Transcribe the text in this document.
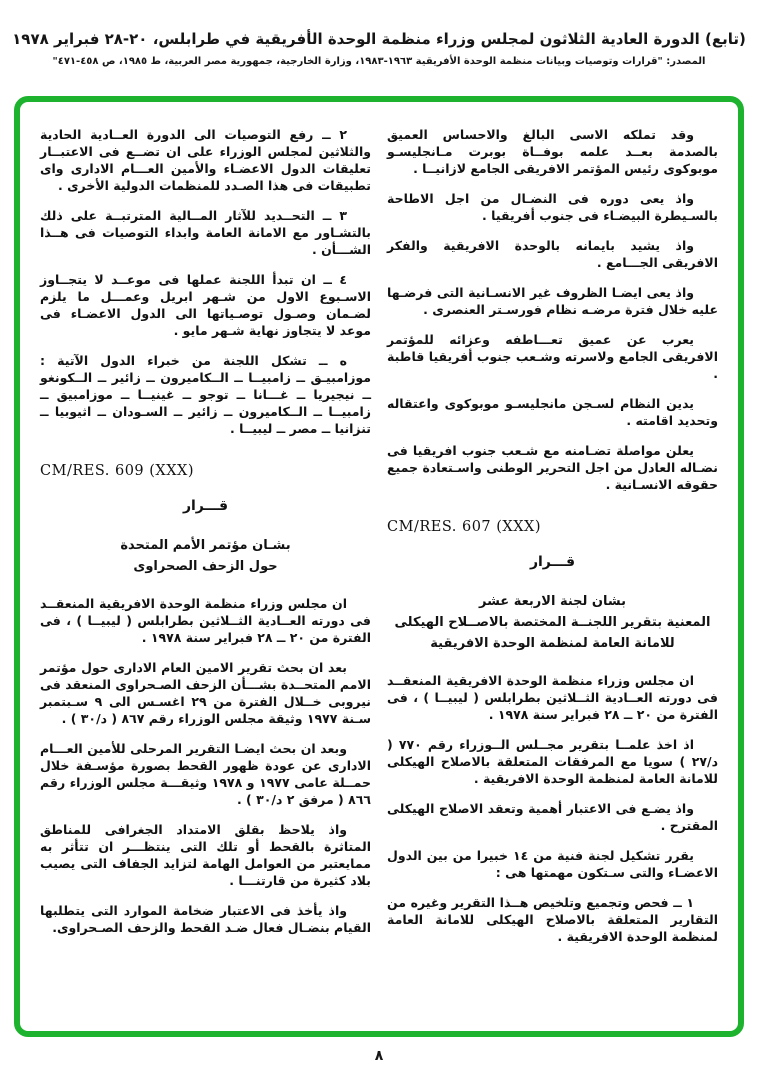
(تابع) الدورة العادية الثلاثون لمجلس وزراء منظمة الوحدة الأفريقية في طرابلس، ٢٠-٢٨ فبراير ١٩٧٨
المصدر: "قرارات وتوصيات وبيانات منظمة الوحدة الأفريقية ١٩٦٣-١٩٨٣، وزارة الخارجية، جمهورية مصر العربية، ط ١٩٨٥، ص ٤٥٨-٤٧١"

وقد تملكه الاسى البالغ والاحساس العميق بالصدمة بعــد علمه بوفــاة بوبرت مـانجليسـو موبوكوى رئيس المؤتمر الافريقى الجامع لازانيــا .

واذ يعى دوره فى النضـال من اجل الاطاحة بالسـيطرة البيضـاء فى جنوب أفريقيا .

واذ يشيد بايمانه بالوحدة الافريقية والفكر الافريقى الجـــامع .

واذ يعى ايضـا الظروف غير الانسـانية التى فرضـها عليه خلال فترة مرضـه نظام فورسـتر العنصرى .

يعرب عن عميق تعـــاطفه وعزائه للمؤتمر الافريقى الجامع ولاسرته وشـعب جنوب أفريقيا قاطبة .

يدين النظام لسـجن مانجليسـو موبوكوى واعتقاله وتحديد اقامته .

يعلن مواصلة تضـامنه مع شـعب جنوب افريقيا فى نضـاله العادل من اجل التحرير الوطنى واسـتعادة جميع حقوقه الانسـانية .

CM/RES. 607 (XXX)
قـــرار
بشان لجنة الاربعة عشر
المعنية بتقرير اللجنــة المختصة بالاصــلاح الهيكلى
للامانة العامة لمنظمة الوحدة الافريقية

ان مجلس وزراء منظمة الوحدة الافريقية المنعقــد فى دورته العــادية الثــلاثين بطرابلس ( ليبيــا ) ، فى الفترة من ٢٠ ــ ٢٨ فبراير سنة ١٩٧٨ .

اذ اخذ علمــا بتقرير مجــلس الــوزراء رقم ٧٧٠ ( د/٢٧ ) سويا مع المرفقات المتعلقة بالاصلاح الهيكلى للامانة العامة لمنظمة الوحدة الافريقية .

واذ يضـع فى الاعتبار أهمية وتعقد الاصلاح الهيكلى المقترح .

يقرر تشكيل لجنة فنية من ١٤ خبيرا من بين الدول الاعضـاء والتى سـتكون مهمتها هى :

١ ــ فحص وتجميع وتلخيص هــذا التقرير وغيره من التقارير المتعلقة بالاصلاح الهيكلى للامانة العامة لمنظمة الوحدة الافريقية .

٢ ــ رفع التوصيات الى الدورة العــادية الحادية والثلاثين لمجلس الوزراء على ان تضــع فى الاعتبــار تعليقات الدول الاعضـاء والأمين العـــام الادارى واى تطبيقات فى هذا الصـدد للمنظمات الدولية الأخرى .

٣ ــ التحــديد للآثار المــالية المترتبــة على ذلك بالتشـاور مع الامانة العامة وابداء التوصيات فى هــذا الشـــأن .

٤ ــ ان تبدأ اللجنة عملها فى موعــد لا يتجــاوز الاسـبوع الاول من شـهر ابريل وعمـــل ما يلزم لضـمان وصـول توصـياتها الى الدول الاعضـاء فى موعد لا يتجاوز نهاية شـهر مايو .

ه ــ تشكل اللجنة من خبراء الدول الآتية : موزامبيـق ــ زامبيــا ــ الــكاميرون ــ زائير ــ الــكونغو ــ نيجيريا ــ غـــانا ــ توجو ــ غينيــا ــ موزامبيق ــ زامبيــا ــ الــكاميرون ــ زائير ــ السـودان ــ اثيوبيا ــ تنزانيا ــ مصر ــ ليبيــا .

CM/RES. 609 (XXX)
قـــرار
بشـان مؤتمر الأمم المتحدة
حول الزحف الصحراوى

ان مجلس وزراء منظمة الوحدة الافريقية المنعقــد فى دورته العــادية الثــلاثين بطرابلس ( ليبيــا ) ، فى الفترة من ٢٠ ــ ٢٨ فبراير سنة ١٩٧٨ .

بعد ان بحث تقرير الامين العام الادارى حول مؤتمر الامم المتحــدة بشـــأن الزحف الصـحراوى المنعقد فى نيروبى خــلال الفترة من ٢٩ اغسـس الى ٩ سـبتمبر سـنة ١٩٧٧ وثيقة مجلس الوزراء رقم ٨٦٧ ( د/٣٠ ) .

وبعد ان بحث ايضـا التقرير المرحلى للأمين العـــام الادارى عن عودة ظهور القحط بصورة مؤسـفة خلال حمــلة عامى ١٩٧٧ و ١٩٧٨ وثيقـــة مجلس الوزراء رقم ٨٦٦ ( مرفق ٢ د/٣٠ ) .

واذ يلاحظ بقلق الامتداد الجغرافى للمناطق المتاثرة بالقحط أو تلك التى ينتظـــر ان تتأثر به ممايعتبر من العوامل الهامة لتزايد الجفاف التى يصيب بلاد كثيرة من قارتنـــا .

واذ يأخذ فى الاعتبار ضخامة الموارد التى يتطلبها القيام بنضـال فعال ضـد القحط والزحف الصـحراوى.

٨
